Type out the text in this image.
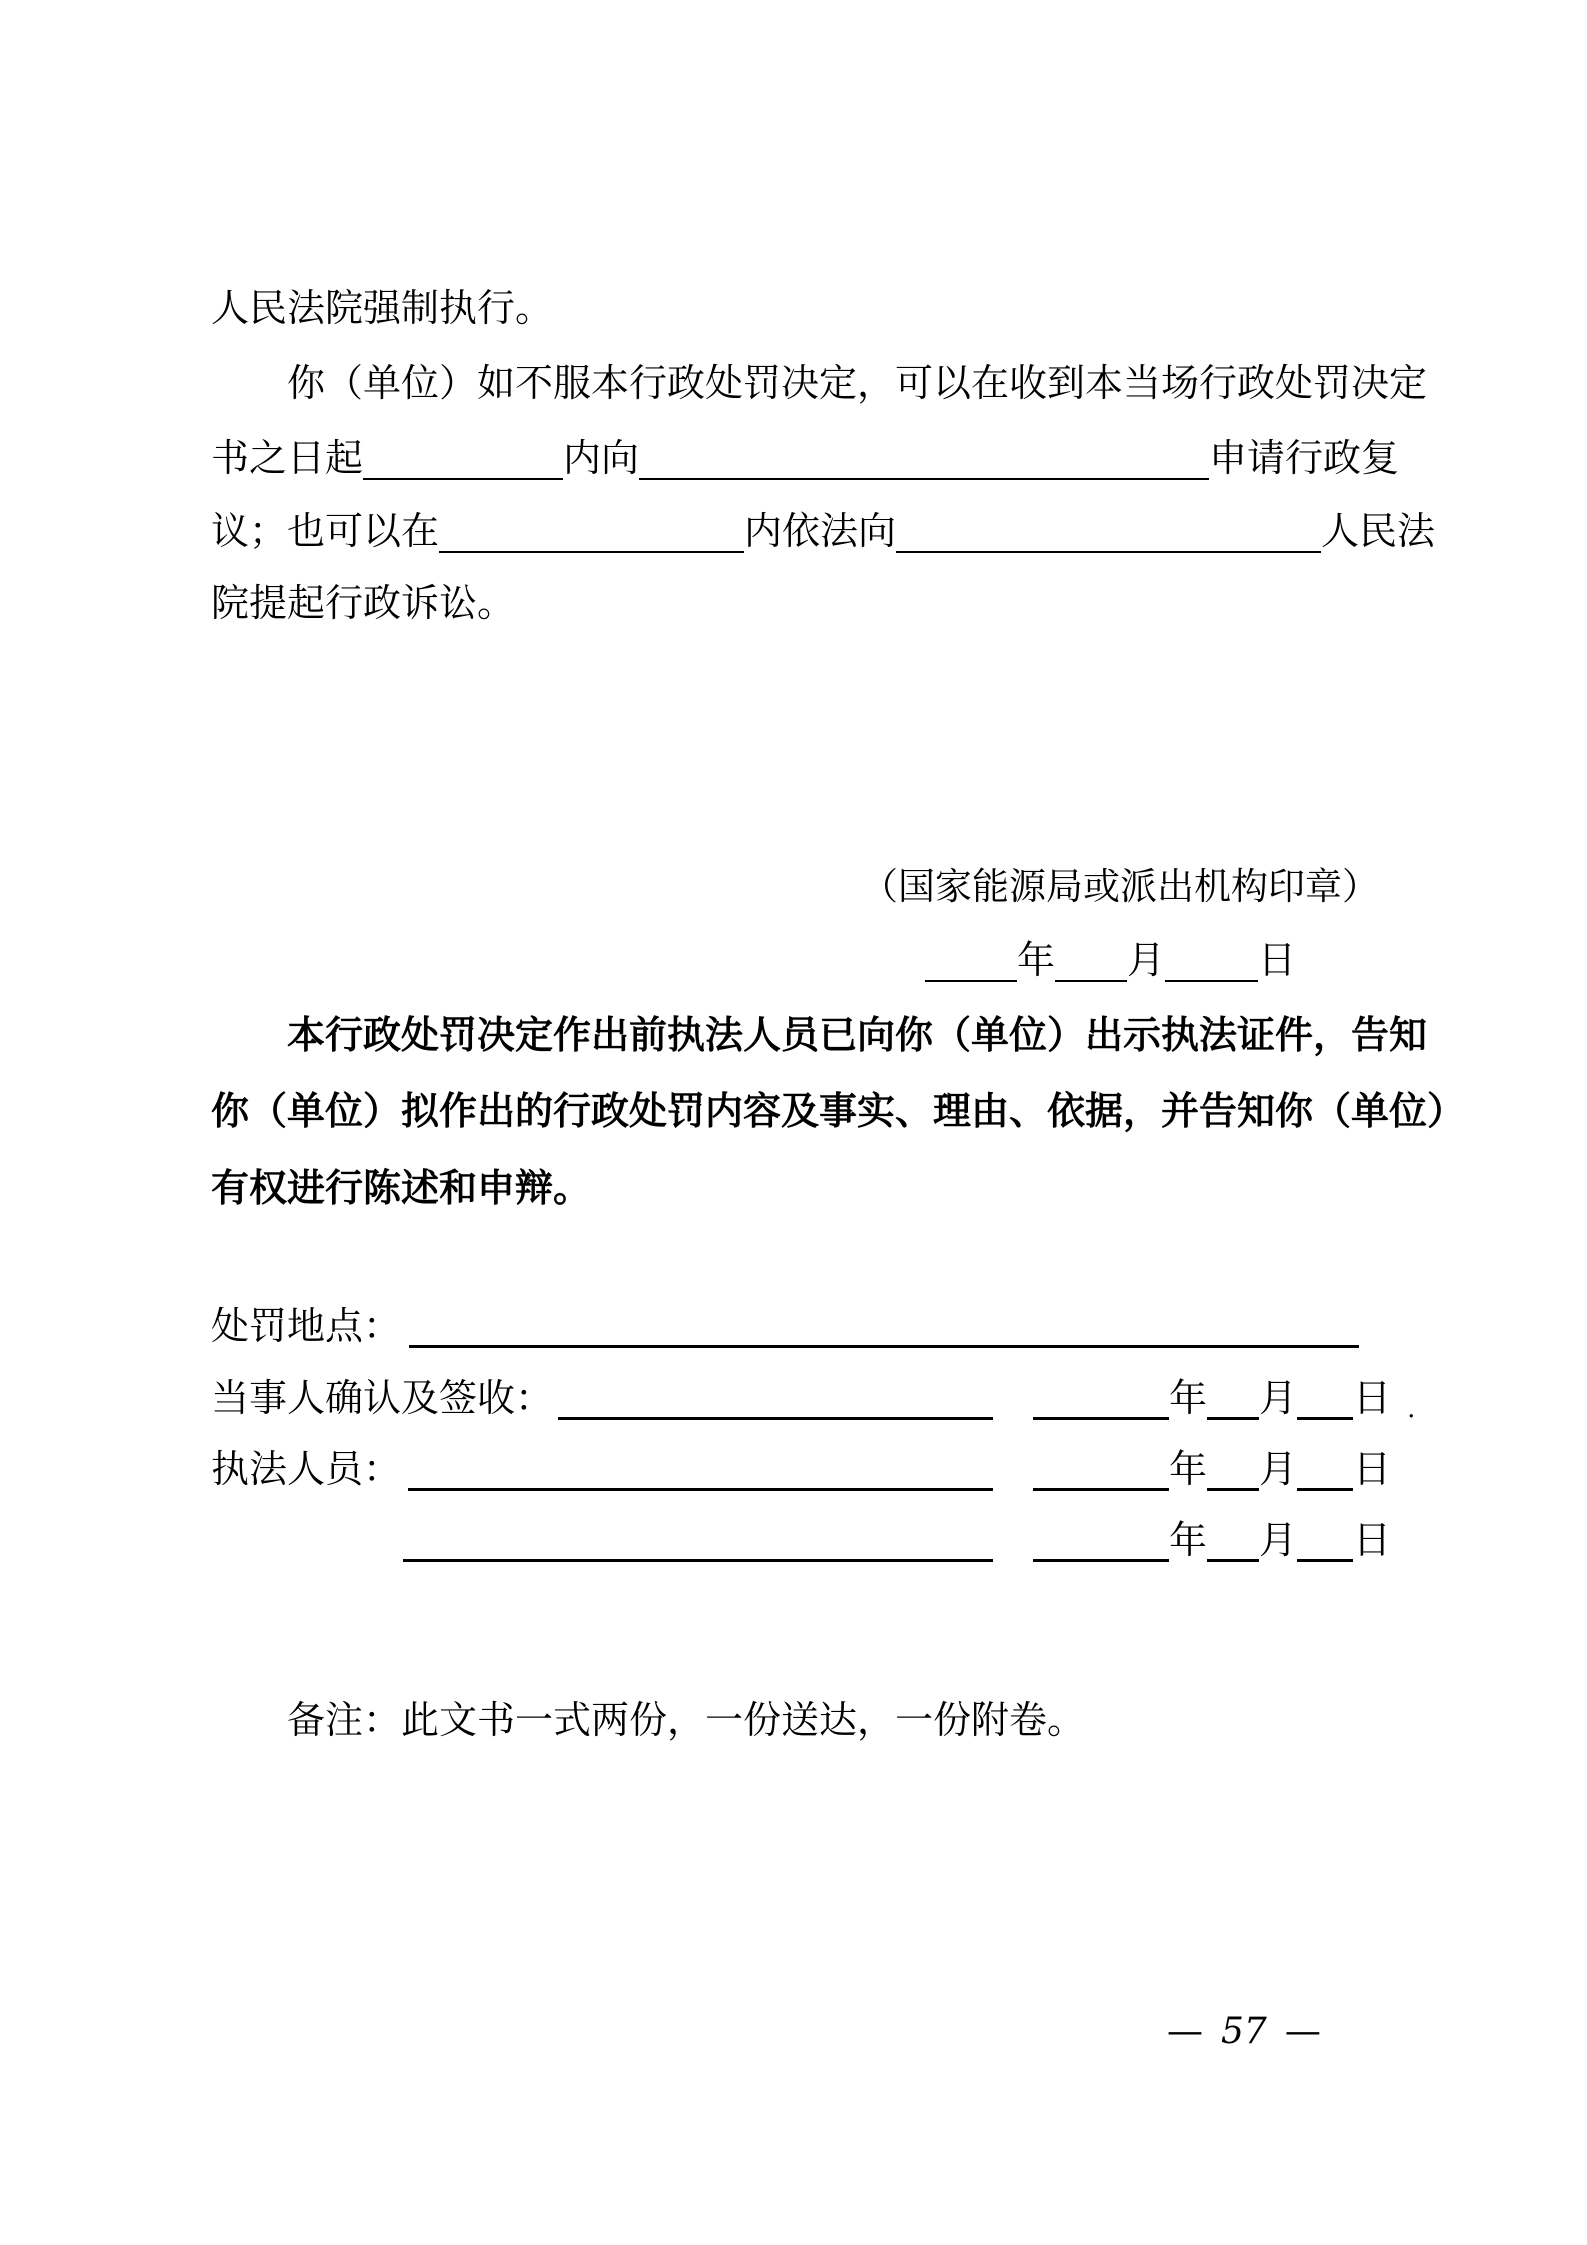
人民法院强制执行。
你（单位）如不服本行政处罚决定，可以在收到本当场行政处罚决定
书之日起	内向	申请行政复
议；也可以在	内依法向	人民法
院提起行政诉讼。
（国家能源局或派出机构印章）
年 月 日
本行政处罚决定作出前执法人员已向你（单位）出示执法证件，告知
你（单位）拟作出的行政处罚内容及事实、理由、依据，并告知你（单位）
有权进行陈述和申辩。
处罚地点：
当事人确认及签收：	年 月 日 .
执法人员：	年 月 日
年 月 日
备注：此文书一式两份，一份送达，一份附卷。
— 57 —
